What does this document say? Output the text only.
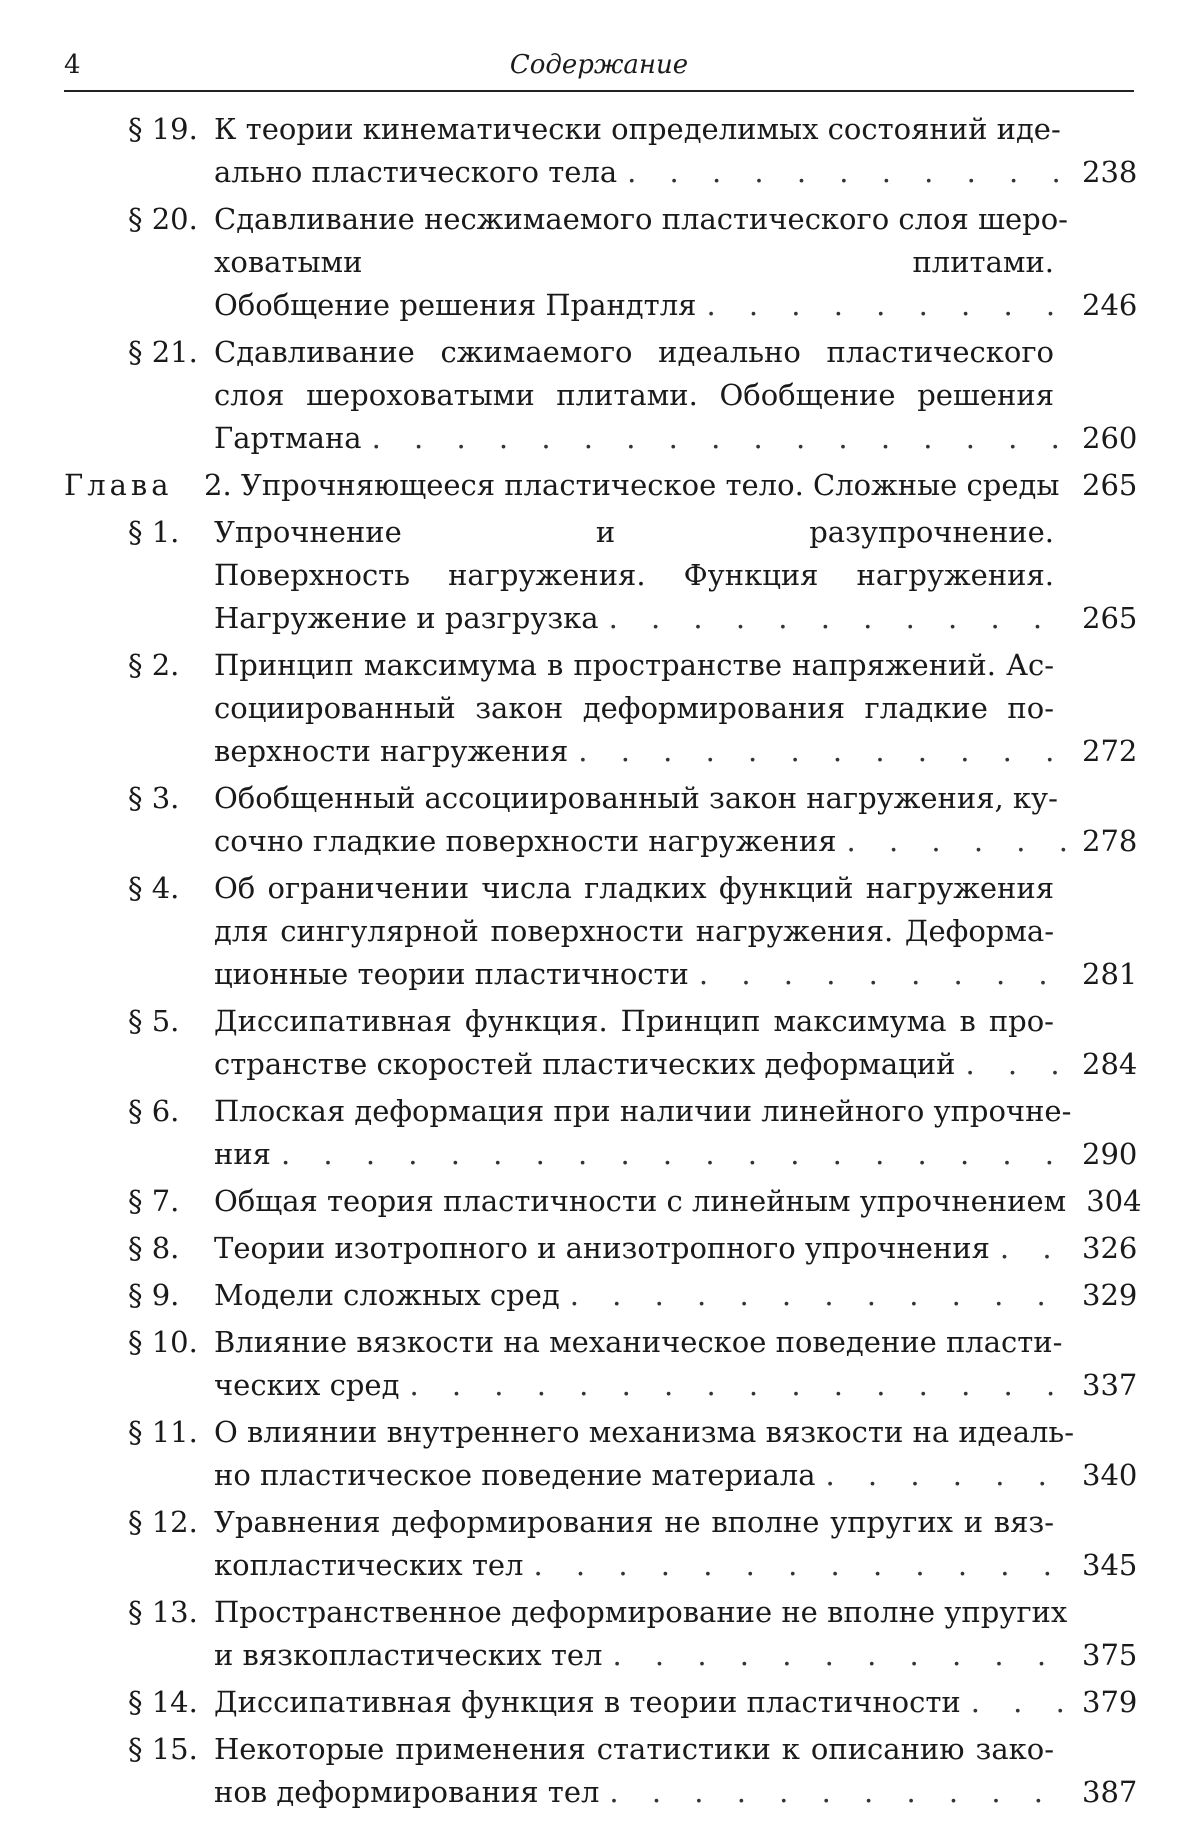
4	Содержание
§ 19. К теории кинематически определимых состояний иде-
ально пластического тела . . .	238
§ 20. Сдавливание несжимаемого пластического слоя шеро-
ховатыми плитами.
Обобщение решения Прандтля . . .	246
§ 21. Сдавливание сжимаемого идеально пластического
слоя шероховатыми плитами. Обобщение решения
Гартмана . . .	260
Глава 2. Упрочняющееся пластическое тело. Сложные среды . . . 265
§ 1. Упрочнение и разупрочнение.
Поверхность нагружения. Функция нагружения.
Нагружение и разгрузка . . .	265
§ 2. Принцип максимума в пространстве напряжений. Ас-
социированный закон деформирования гладкие по-
верхности нагружения . . .	272
§ 3. Обобщенный ассоциированный закон нагружения, ку-
сочно гладкие поверхности нагружения . . .	278
§ 4. Об ограничении числа гладких функций нагружения
для сингулярной поверхности нагружения. Деформа-
ционные теории пластичности . . .	281
§ 5. Диссипативная функция. Принцип максимума в про-
странстве скоростей пластических деформаций . . .	284
§ 6. Плоская деформация при наличии линейного упрочне-
ния . . .	290
§ 7. Общая теория пластичности с линейным упрочнением 304
§ 8. Теории изотропного и анизотропного упрочнения . . .	326
§ 9. Модели сложных сред . . .	329
§ 10. Влияние вязкости на механическое поведение пласти-
ческих сред . . .	337
§ 11. О влиянии внутреннего механизма вязкости на идеаль-
но пластическое поведение материала . . .	340
§ 12. Уравнения деформирования не вполне упругих и вяз-
копластических тел . . .	345
§ 13. Пространственное деформирование не вполне упругих
и вязкопластических тел . . .	375
§ 14. Диссипативная функция в теории пластичности . . .	379
§ 15. Некоторые применения статистики к описанию зако-
нов деформирования тел . . .	387
